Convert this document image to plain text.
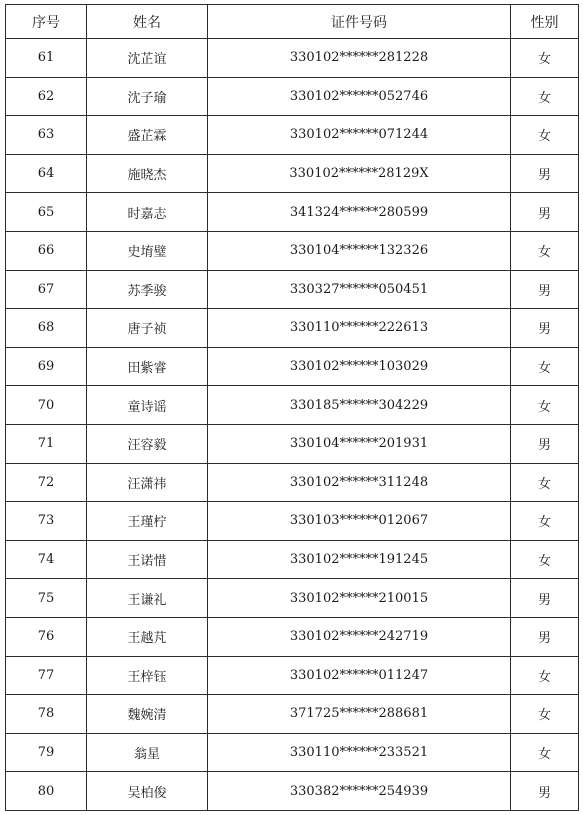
序号	姓名	证件号码	性别
61	沈芷谊	330102******281228	女
62	沈子瑜	330102******052746	女
63	盛芷霖	330102******071244	女
64	施晓杰	330102******28129X	男
65	时嘉志	341324******280599	男
66	史堉璧	330104******132326	女
67	苏季骏	330327******050451	男
68	唐子祯	330110******222613	男
69	田紫睿	330102******103029	女
70	童诗谣	330185******304229	女
71	汪容毅	330104******201931	男
72	汪潇祎	330102******311248	女
73	王瑾柠	330103******012067	女
74	王诺惜	330102******191245	女
75	王谦礼	330102******210015	男
76	王越芃	330102******242719	男
77	王梓钰	330102******011247	女
78	魏婉清	371725******288681	女
79	翁星	330110******233521	女
80	吴柏俊	330382******254939	男
